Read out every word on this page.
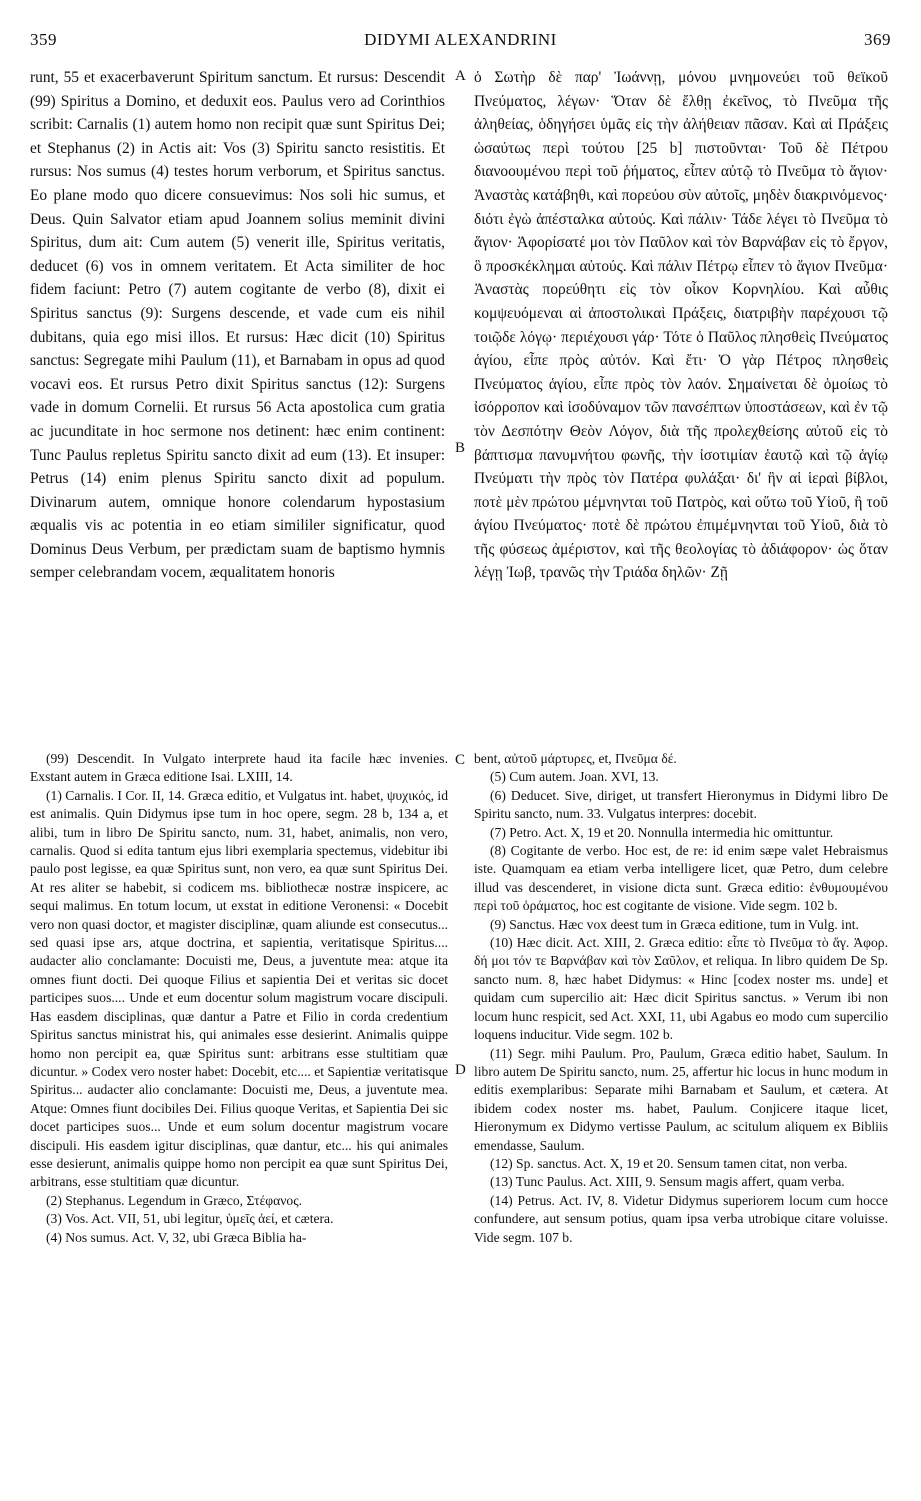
359	DIDYMI ALEXANDRINI	369

runt, 55 et exacerbaverunt Spiritum sanctum. Et rursus: Descendit (99) Spiritus a Domino, et deduxit eos. Paulus vero ad Corinthios scribit: Carnalis (1) autem homo non recipit quæ sunt Spiritus Dei; et Stephanus (2) in Actis ait: Vos (3) Spiritu sancto resistitis. Et rursus: Nos sumus (4) testes horum verborum, et Spiritus sanctus. Eo plane modo quo dicere consuevimus: Nos soli hic sumus, et Deus. Quin Salvator etiam apud Joannem solius meminit divini Spiritus, dum ait: Cum autem (5) venerit ille, Spiritus veritatis, deducet (6) vos in omnem veritatem. Et Acta similiter de hoc fidem faciunt: Petro (7) autem cogitante de verbo (8), dixit ei Spiritus sanctus (9): Surgens descende, et vade cum eis nihil dubitans, quia ego misi illos. Et rursus: Hæc dicit (10) Spiritus sanctus: Segregate mihi Paulum (11), et Barnabam in opus ad quod vocavi eos. Et rursus Petro dixit Spiritus sanctus (12): Surgens vade in domum Cornelii. Et rursus 56 Acta apostolica cum gratia ac jucunditate in hoc sermone nos detinent: hæc enim continent: Tunc Paulus repletus Spiritu sancto dixit ad eum (13). Et insuper: Petrus (14) enim plenus Spiritu sancto dixit ad populum. Divinarum autem, omnique honore colendarum hypostasium æqualis vis ac potentia in eo etiam simililer significatur, quod Dominus Deus Verbum, per prædictam suam de baptismo hymnis semper celebrandam vocem, æqualitatem honoris

ὁ Σωτὴρ δὲ παρ' Ἰωάννῃ, μόνου μνημονεύει τοῦ θεϊκοῦ Πνεύματος, λέγων· Ὅταν δὲ ἔλθῃ ἐκεῖνος, τὸ Πνεῦμα τῆς ἀληθείας, ὁδηγήσει ὑμᾶς εἰς τὴν ἀλήθειαν πᾶσαν. Καὶ αἱ Πράξεις ὡσαύτως περὶ τούτου [25 b] πιστοῦνται· Τοῦ δὲ Πέτρου διανοουμένου περὶ τοῦ ῥήματος, εἶπεν αὐτῷ τὸ Πνεῦμα τὸ ἅγιον· Ἀναστὰς κατάβηθι, καὶ πορεύου σὺν αὐτοῖς, μηδὲν διακρινόμενος· διότι ἐγὼ ἀπέσταλκα αὐτούς. Καὶ πάλιν· Τάδε λέγει τὸ Πνεῦμα τὸ ἅγιον· Ἀφορίσατέ μοι τὸν Παῦλον καὶ τὸν Βαρνάβαν εἰς τὸ ἔργον, ὃ προσκέκλημαι αὐτούς. Καὶ πάλιν Πέτρῳ εἶπεν τὸ ἅγιον Πνεῦμα· Ἀναστὰς πορεύθητι εἰς τὸν οἶκον Κορνηλίου. Καὶ αὖθις κομψευόμεναι αἱ ἀποστολικαὶ Πράξεις, διατριβὴν παρέχουσι τῷ τοιῷδε λόγῳ· περιέχουσι γάρ· Τότε ὁ Παῦλος πλησθεὶς Πνεύματος ἁγίου, εἶπε πρὸς αὐτόν. Καὶ ἔτι· Ὁ γὰρ Πέτρος πλησθεὶς Πνεύματος ἁγίου, εἶπε πρὸς τὸν λαόν. Σημαίνεται δὲ ὁμοίως τὸ ἰσόρροπον καὶ ἰσοδύναμον τῶν πανσέπτων ὑποστάσεων, καὶ ἐν τῷ τὸν Δεσπότην Θεὸν Λόγον, διὰ τῆς προλεχθείσης αὐτοῦ εἰς τὸ βάπτισμα πανυμνήτου φωνῆς, τὴν ἰσοτιμίαν ἑαυτῷ καὶ τῷ ἁγίῳ Πνεύματι τὴν πρὸς τὸν Πατέρα φυλάξαι· δι' ἣν αἱ ἱεραὶ βίβλοι, ποτὲ μὲν πρώτου μέμνηνται τοῦ Πατρὸς, καὶ οὕτω τοῦ Υἱοῦ, ἢ τοῦ ἁγίου Πνεύματος· ποτὲ δὲ πρώτου ἐπιμέμνηνται τοῦ Υἱοῦ, διὰ τὸ τῆς φύσεως ἀμέριστον, καὶ τῆς θεολογίας τὸ ἀδιάφορον· ὡς ὅταν λέγῃ Ἰωβ, τρανῶς τὴν Τριάδα δηλῶν· Ζῇ

A
B
C
D

(99) Descendit. In Vulgato interprete haud ita facile hæc invenies. Exstant autem in Græca editione Isai. LXIII, 14.

(1) Carnalis. I Cor. II, 14. Græca editio, et Vulgatus int. habet, ψυχικός, id est animalis. Quin Didymus ipse tum in hoc opere, segm. 28 b, 134 a, et alibi, tum in libro De Spiritu sancto, num. 31, habet, animalis, non vero, carnalis. Quod si edita tantum ejus libri exemplaria spectemus, videbitur ibi paulo post legisse, ea quæ Spiritus sunt, non vero, ea quæ sunt Spiritus Dei. At res aliter se habebit, si codicem ms. bibliothecæ nostræ inspicere, ac sequi malimus. En totum locum, ut exstat in editione Veronensi: « Docebit vero non quasi doctor, et magister disciplinæ, quam aliunde est consecutus... sed quasi ipse ars, atque doctrina, et sapientia, veritatisque Spiritus.... audacter alio conclamante: Docuisti me, Deus, a juventute mea: atque ita omnes fiunt docti. Dei quoque Filius et sapientia Dei et veritas sic docet participes suos.... Unde et eum docentur solum magistrum vocare discipuli. Has easdem disciplinas, quæ dantur a Patre et Filio in corda credentium Spiritus sanctus ministrat his, qui animales esse desierint. Animalis quippe homo non percipit ea, quæ Spiritus sunt: arbitrans esse stultitiam quæ dicuntur. » Codex vero noster habet: Docebit, etc.... et Sapientiæ veritatisque Spiritus... audacter alio conclamante: Docuisti me, Deus, a juventute mea. Atque: Omnes fiunt docibiles Dei. Filius quoque Veritas, et Sapientia Dei sic docet participes suos... Unde et eum solum docentur magistrum vocare discipuli. His easdem igitur disciplinas, quæ dantur, etc... his qui animales esse desierunt, animalis quippe homo non percipit ea quæ sunt Spiritus Dei, arbitrans, esse stultitiam quæ dicuntur.

(2) Stephanus. Legendum in Græco, Στέφανος.

(3) Vos. Act. VII, 51, ubi legitur, ὑμεῖς ἀεί, et cætera.

(4) Nos sumus. Act. V, 32, ubi Græca Biblia ha-

bent, αὐτοῦ μάρτυρες, et, Πνεῦμα δέ.

(5) Cum autem. Joan. XVI, 13.

(6) Deducet. Sive, diriget, ut transfert Hieronymus in Didymi libro De Spiritu sancto, num. 33. Vulgatus interpres: docebit.

(7) Petro. Act. X, 19 et 20. Nonnulla intermedia hic omittuntur.

(8) Cogitante de verbo. Hoc est, de re: id enim sæpe valet Hebraismus iste. Quamquam ea etiam verba intelligere licet, quæ Petro, dum celebre illud vas descenderet, in visione dicta sunt. Græca editio: ἐνθυμουμένου περὶ τοῦ ὁράματος, hoc est cogitante de visione. Vide segm. 102 b.

(9) Sanctus. Hæc vox deest tum in Græca editione, tum in Vulg. int.

(10) Hæc dicit. Act. XIII, 2. Græca editio: εἶπε τὸ Πνεῦμα τὸ ἅγ. Ἀφορ. δή μοι τόν τε Βαρνάβαν καὶ τὸν Σαῦλον, et reliqua. In libro quidem De Sp. sancto num. 8, hæc habet Didymus: « Hinc [codex noster ms. unde] et quidam cum supercilio ait: Hæc dicit Spiritus sanctus. » Verum ibi non locum hunc respicit, sed Act. XXI, 11, ubi Agabus eo modo cum supercilio loquens inducitur. Vide segm. 102 b.

(11) Segr. mihi Paulum. Pro, Paulum, Græca editio habet, Saulum. In libro autem De Spiritu sancto, num. 25, affertur hic locus in hunc modum in editis exemplaribus: Separate mihi Barnabam et Saulum, et cætera. At ibidem codex noster ms. habet, Paulum. Conjicere itaque licet, Hieronymum ex Didymo vertisse Paulum, ac scitulum aliquem ex Bibliis emendasse, Saulum.

(12) Sp. sanctus. Act. X, 19 et 20. Sensum tamen citat, non verba.

(13) Tunc Paulus. Act. XIII, 9. Sensum magis affert, quam verba.

(14) Petrus. Act. IV, 8. Videtur Didymus superiorem locum cum hocce confundere, aut sensum potius, quam ipsa verba utrobique citare voluisse. Vide segm. 107 b.
